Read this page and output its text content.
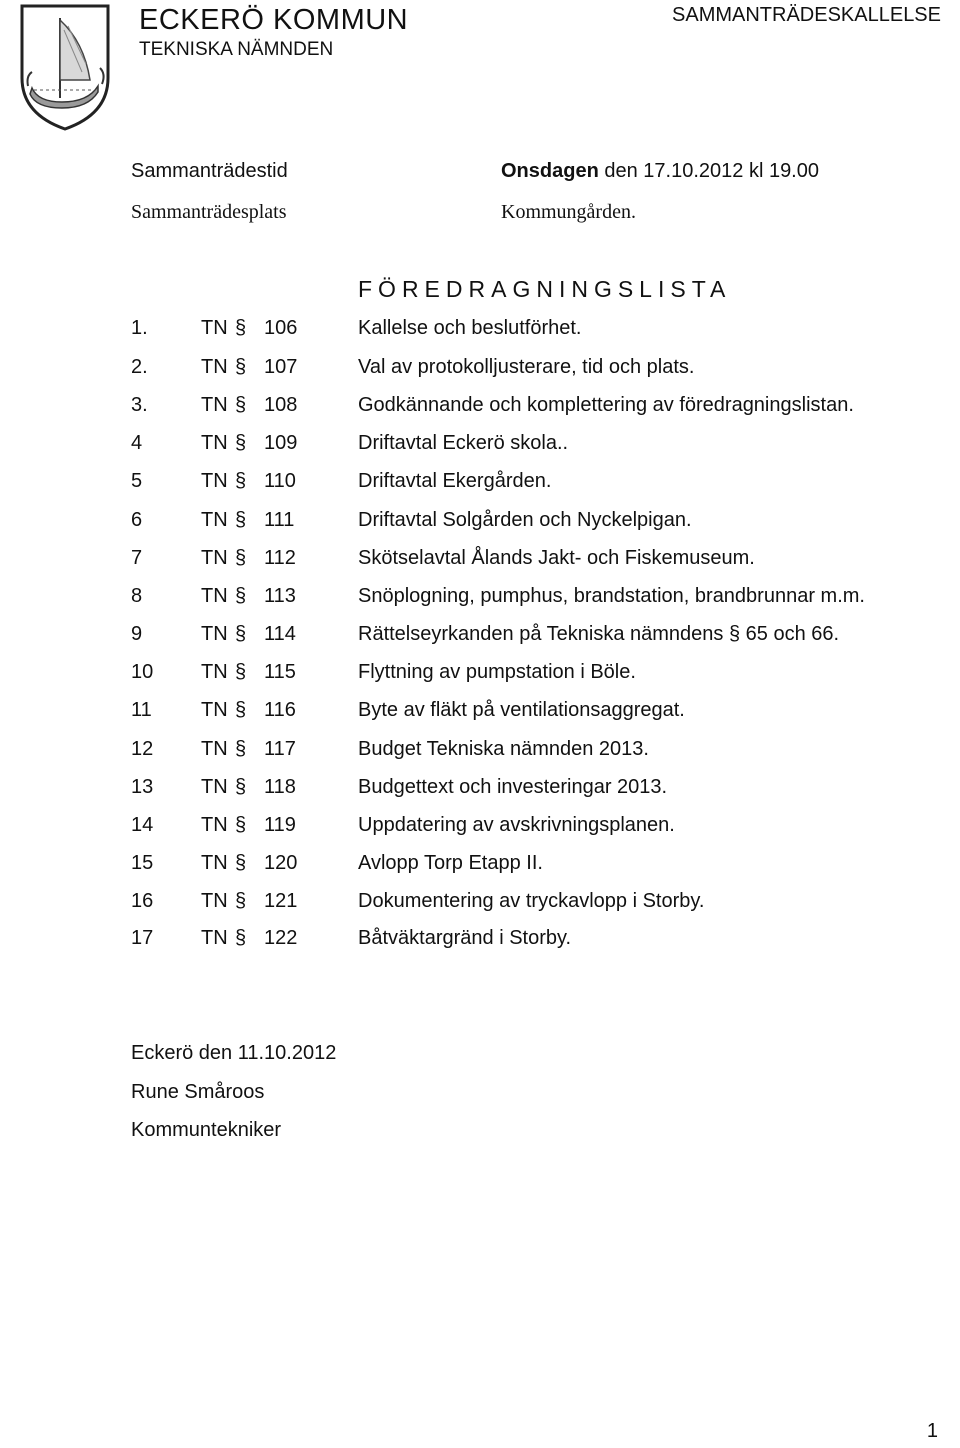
ECKERÖ KOMMUN
TEKNISKA NÄMNDEN
SAMMANTRÄDESKALLELSE
Sammanträdestid	Onsdagen den 17.10.2012 kl 19.00
Sammanträdesplats	Kommungården.
FÖREDRAGNINGSLISTA
1.	TN § 106	Kallelse och beslutförhet.
2.	TN § 107	Val av protokolljusterare, tid och plats.
3.	TN § 108	Godkännande och komplettering av föredragningslistan.
4	TN § 109	Driftavtal Eckerö skola..
5	TN § 110	Driftavtal Ekergården.
6	TN § 111	Driftavtal Solgården och Nyckelpigan.
7	TN § 112	Skötselavtal Ålands Jakt- och Fiskemuseum.
8	TN § 113	Snöplogning, pumphus, brandstation, brandbrunnar m.m.
9	TN § 114	Rättelseyrkanden på Tekniska nämndens § 65 och 66.
10 TN § 115	Flyttning av pumpstation i Böle.
11 TN § 116	Byte av fläkt på ventilationsaggregat.
12 TN § 117	Budget Tekniska nämnden 2013.
13 TN § 118	Budgettext och investeringar 2013.
14 TN § 119	Uppdatering av avskrivningsplanen.
15 TN § 120	Avlopp Torp Etapp II.
16 TN § 121	Dokumentering av tryckavlopp i Storby.
17 TN § 122	Båtväktargränd i Storby.
Eckerö den 11.10.2012
Rune Småroos
Kommuntekniker
1
